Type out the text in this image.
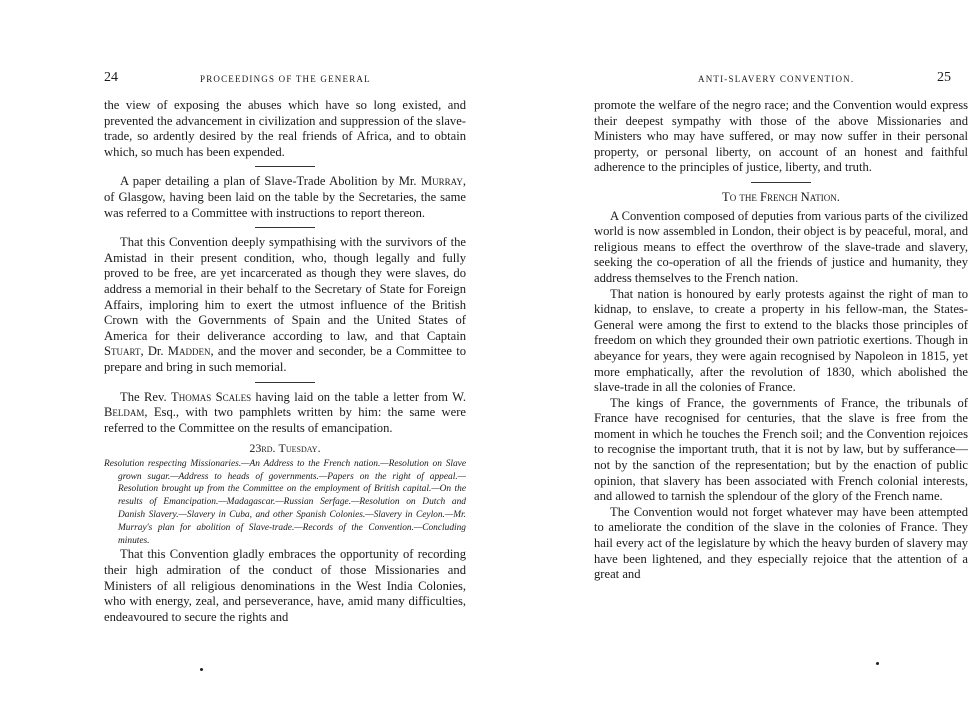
24	PROCEEDINGS OF THE GENERAL

the view of exposing the abuses which have so long existed, and prevented the advancement in civilization and suppression of the slave-trade, so ardently desired by the real friends of Africa, and to obtain which, so much has been expended.

A paper detailing a plan of Slave-Trade Abolition by Mr. Murray, of Glasgow, having been laid on the table by the Secretaries, the same was referred to a Committee with instructions to report thereon.

That this Convention deeply sympathising with the survivors of the Amistad in their present condition, who, though legally and fully proved to be free, are yet incarcerated as though they were slaves, do address a memorial in their behalf to the Secretary of State for Foreign Affairs, imploring him to exert the utmost influence of the British Crown with the Governments of Spain and the United States of America for their deliverance according to law, and that Captain Stuart, Dr. Madden, and the mover and seconder, be a Committee to prepare and bring in such memorial.

The Rev. Thomas Scales having laid on the table a letter from W. Beldam, Esq., with two pamphlets written by him: the same were referred to the Committee on the results of emancipation.

23rd. Tuesday.

Resolution respecting Missionaries.—An Address to the French nation.—Resolution on Slave grown sugar.—Address to heads of governments.—Papers on the right of appeal.—Resolution brought up from the Committee on the employment of British capital.—On the results of Emancipation.—Madagascar.—Russian Serfage.—Resolution on Dutch and Danish Slavery.—Slavery in Cuba, and other Spanish Colonies.—Slavery in Ceylon.—Mr. Murray's plan for abolition of Slave-trade.—Records of the Convention.—Concluding minutes.

That this Convention gladly embraces the opportunity of recording their high admiration of the conduct of those Missionaries and Ministers of all religious denominations in the West India Colonies, who with energy, zeal, and perseverance, have, amid many difficulties, endeavoured to secure the rights and

ANTI-SLAVERY CONVENTION.	25

promote the welfare of the negro race; and the Convention would express their deepest sympathy with those of the above Missionaries and Ministers who may have suffered, or may now suffer in their personal property, or personal liberty, on account of an honest and faithful adherence to the principles of justice, liberty, and truth.

To the French Nation.

A Convention composed of deputies from various parts of the civilized world is now assembled in London, their object is by peaceful, moral, and religious means to effect the overthrow of the slave-trade and slavery, seeking the co-operation of all the friends of justice and humanity, they address themselves to the French nation.

That nation is honoured by early protests against the right of man to kidnap, to enslave, to create a property in his fellow-man, the States-General were among the first to extend to the blacks those principles of freedom on which they grounded their own patriotic exertions. Though in abeyance for years, they were again recognised by Napoleon in 1815, yet more emphatically, after the revolution of 1830, which abolished the slave-trade in all the colonies of France.

The kings of France, the governments of France, the tribunals of France have recognised for centuries, that the slave is free from the moment in which he touches the French soil; and the Convention rejoices to recognise the important truth, that it is not by law, but by sufferance—not by the sanction of the representation; but by the enaction of public opinion, that slavery has been associated with French colonial interests, and allowed to tarnish the splendour of the glory of the French name.

The Convention would not forget whatever may have been attempted to ameliorate the condition of the slave in the colonies of France. They hail every act of the legislature by which the heavy burden of slavery may have been lightened, and they especially rejoice that the attention of a great and
